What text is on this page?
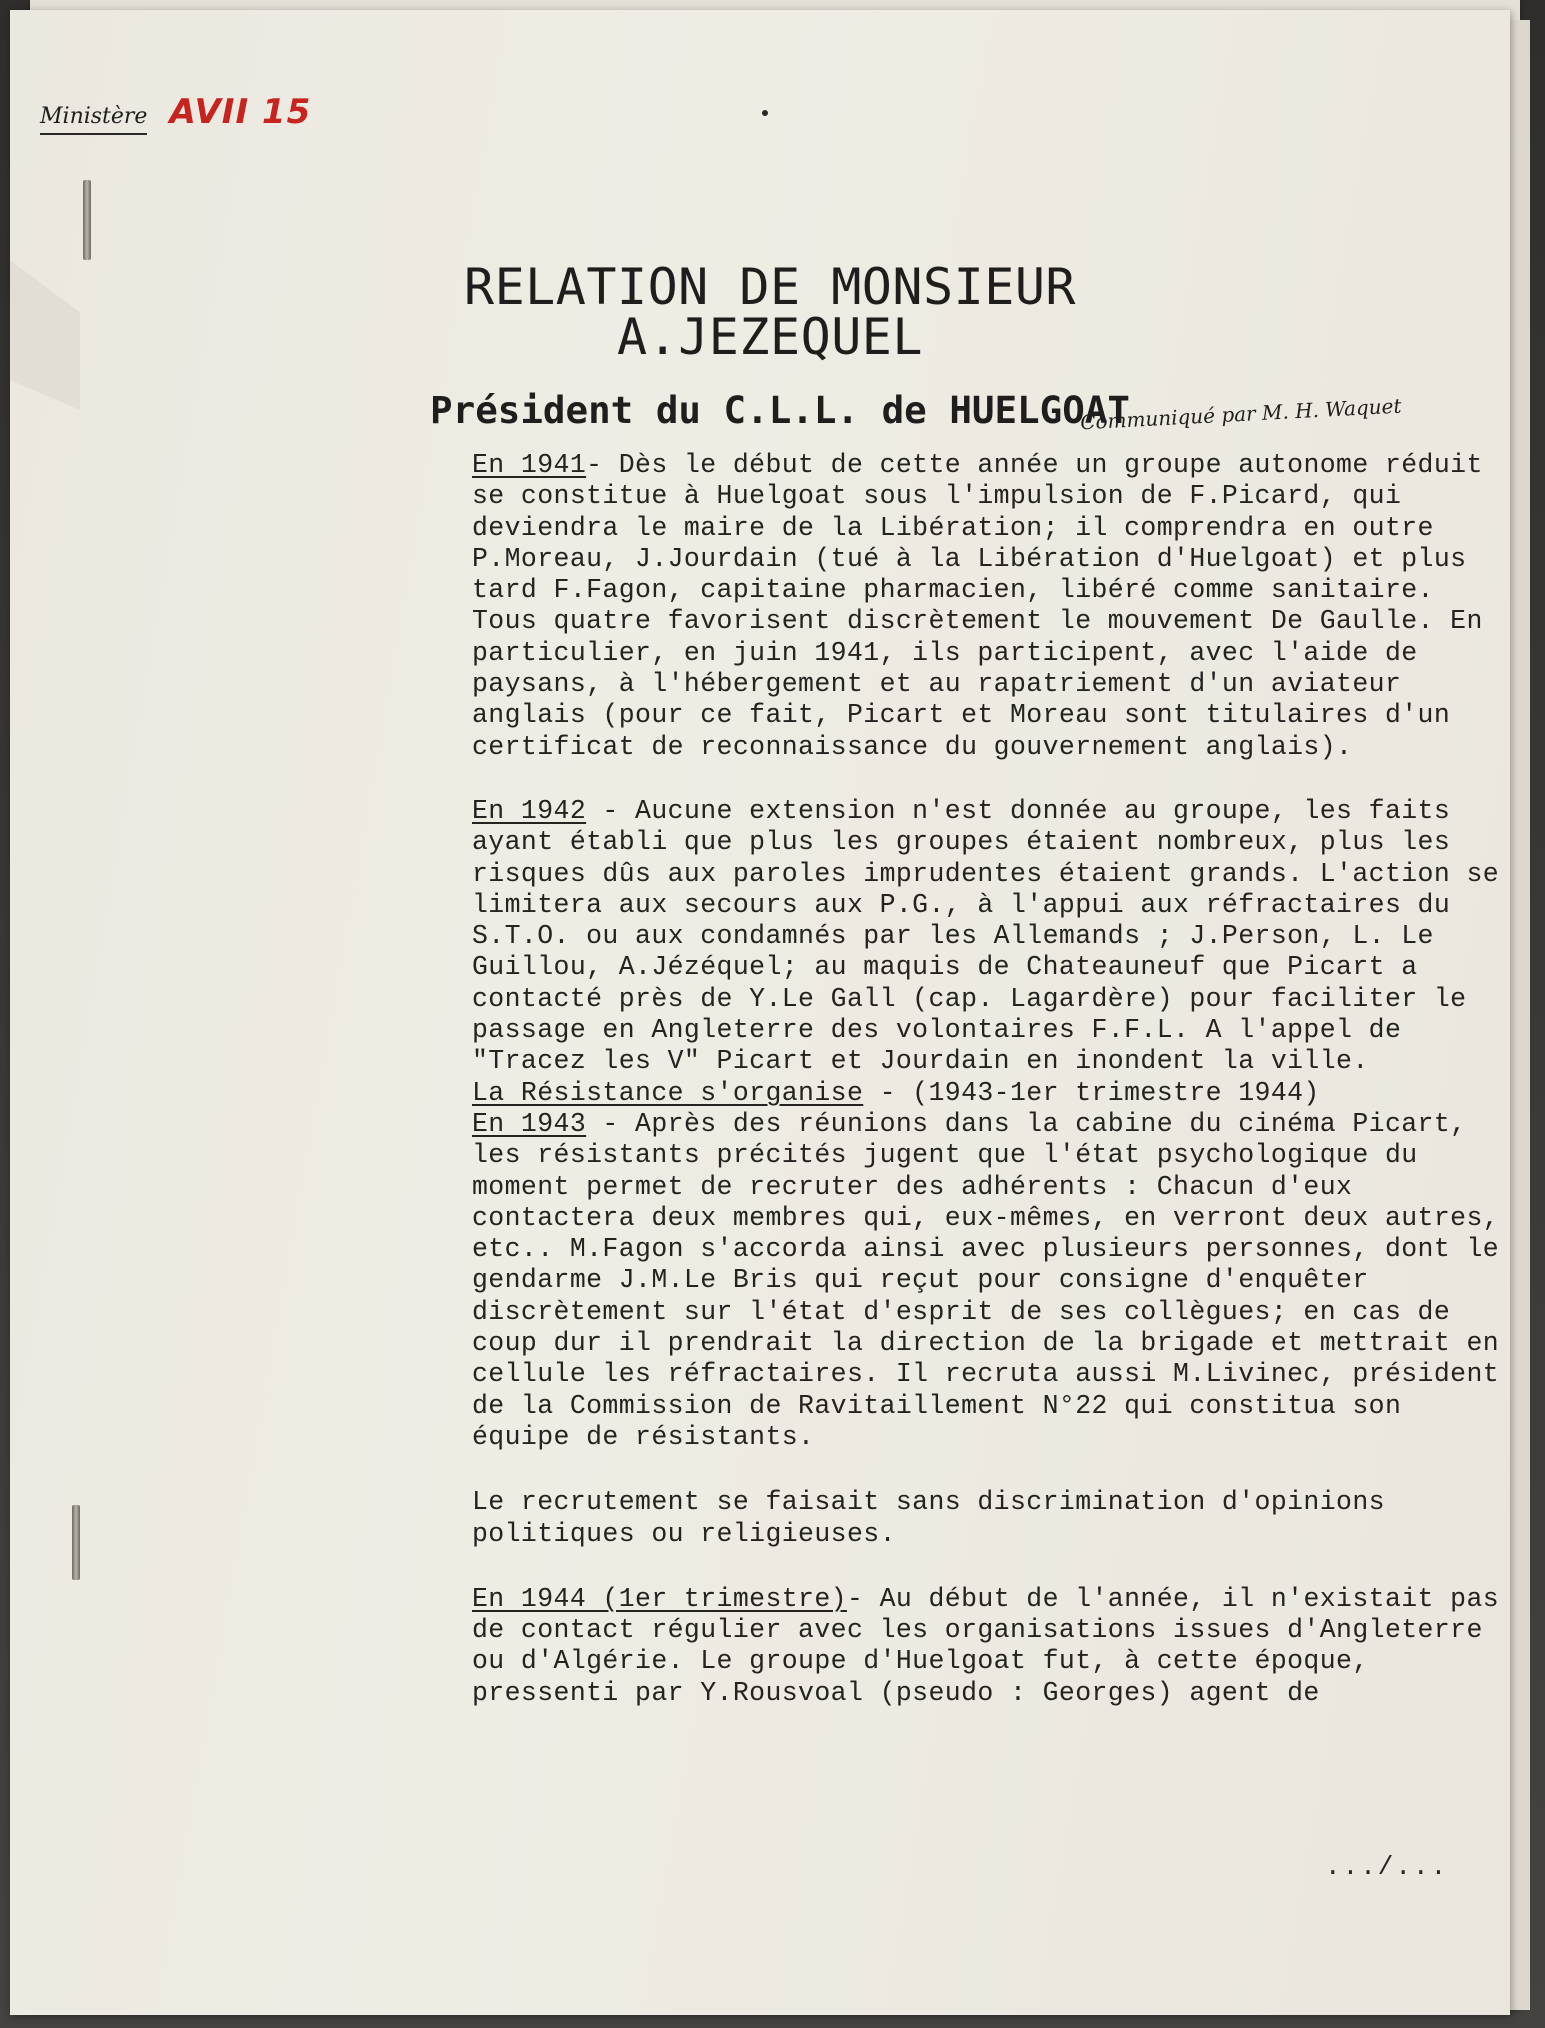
Ministère AVII 15
RELATION DE MONSIEUR A.JEZEQUEL
Président du C.L.L. de HUELGOAT
Communiqué par M. H. Waquet

En 1941- Dès le début de cette année un groupe autonome réduit se constitue à Huelgoat sous l'impulsion de F.Picard, qui deviendra le maire de la Libération; il comprendra en outre P.Moreau, J.Jourdain (tué à la Libération d'Huelgoat) et plus tard F.Fagon, capitaine pharmacien, libéré comme sanitaire. Tous quatre favorisent discrètement le mouvement De Gaulle. En particulier, en juin 1941, ils participent, avec l'aide de paysans, à l'hébergement et au rapatriement d'un aviateur anglais (pour ce fait, Picart et Moreau sont titulaires d'un certificat de reconnaissance du gouvernement anglais).

En 1942 - Aucune extension n'est donnée au groupe, les faits ayant établi que plus les groupes étaient nombreux, plus les risques dûs aux paroles imprudentes étaient grands. L'action se limitera aux secours aux P.G., à l'appui aux réfractaires du S.T.O. ou aux condamnés par les Allemands ; J.Person, L. Le Guillou, A.Jézéquel; au maquis de Chateauneuf que Picart a contacté près de Y.Le Gall (cap. Lagardère) pour faciliter le passage en Angleterre des volontaires F.F.L. A l'appel de "Tracez les V" Picart et Jourdain en inondent la ville.

La Résistance s'organise - (1943-1er trimestre 1944)

En 1943 - Après des réunions dans la cabine du cinéma Picart, les résistants précités jugent que l'état psychologique du moment permet de recruter des adhérents : Chacun d'eux contactera deux membres qui, eux-mêmes, en verront deux autres, etc.. M.Fagon s'accorda ainsi avec plusieurs personnes, dont le gendarme J.M.Le Bris qui reçut pour consigne d'enquêter discrètement sur l'état d'esprit de ses collègues; en cas de coup dur il prendrait la direction de la brigade et mettrait en cellule les réfractaires. Il recruta aussi M.Livinec, président de la Commission de Ravitaillement N°22 qui constitua son équipe de résistants.

Le recrutement se faisait sans discrimination d'opinions politiques ou religieuses.

En 1944 (1er trimestre)- Au début de l'année, il n'existait pas de contact régulier avec les organisations issues d'Angleterre ou d'Algérie. Le groupe d'Huelgoat fut, à cette époque, pressenti par Y.Rousvoal (pseudo : Georges) agent de

.../...
